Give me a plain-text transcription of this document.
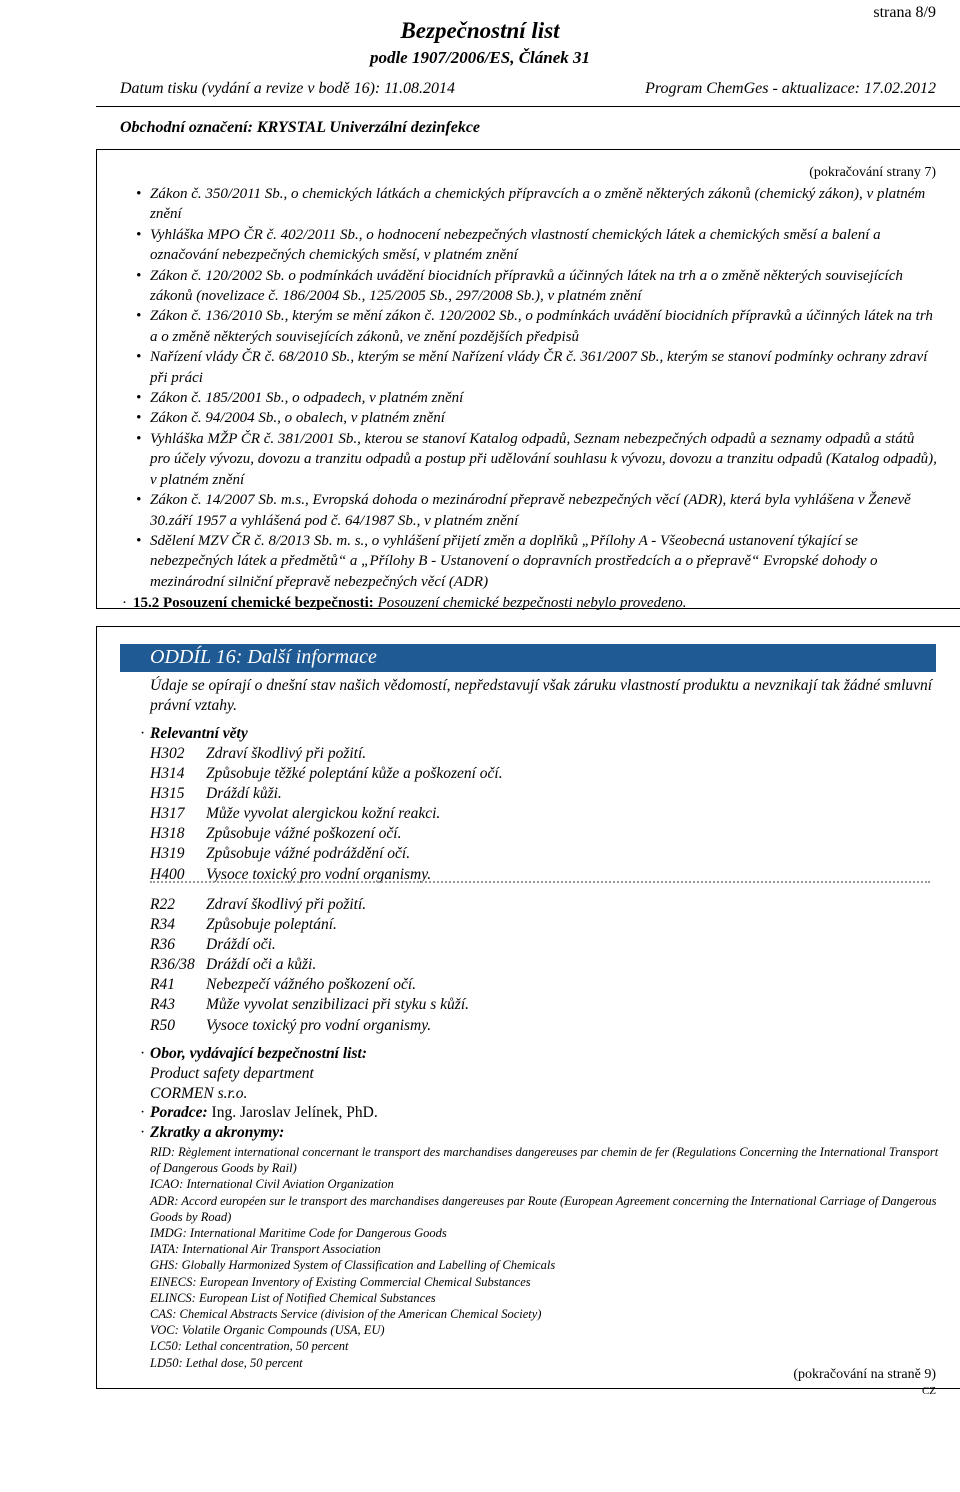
strana 8/9
Bezpečnostní list
podle 1907/2006/ES, Článek 31
Datum tisku (vydání a revize v bodě 16): 11.08.2014	Program ChemGes - aktualizace: 17.02.2012
Obchodní označení: KRYSTAL Univerzální dezinfekce
(pokračování strany 7)
• Zákon č. 350/2011 Sb., o chemických látkách a chemických přípravcích a o změně některých zákonů (chemický zákon), v platném znění
• Vyhláška MPO ČR č. 402/2011 Sb., o hodnocení nebezpečných vlastností chemických látek a chemických směsí a balení a označování nebezpečných chemických směsí, v platném znění
• Zákon č. 120/2002 Sb. o podmínkách uvádění biocidních přípravků a účinných látek na trh a o změně některých souvisejících zákonů (novelizace č. 186/2004 Sb., 125/2005 Sb., 297/2008 Sb.), v platném znění
• Zákon č. 136/2010 Sb., kterým se mění zákon č. 120/2002 Sb., o podmínkách uvádění biocidních přípravků a účinných látek na trh a o změně některých souvisejících zákonů, ve znění pozdějších předpisů
• Nařízení vlády ČR č. 68/2010 Sb., kterým se mění Nařízení vlády ČR č. 361/2007 Sb., kterým se stanoví podmínky ochrany zdraví při práci
• Zákon č. 185/2001 Sb., o odpadech, v platném znění
• Zákon č. 94/2004 Sb., o obalech, v platném znění
• Vyhláška MŽP ČR č. 381/2001 Sb., kterou se stanoví Katalog odpadů, Seznam nebezpečných odpadů a seznamy odpadů a států pro účely vývozu, dovozu a tranzitu odpadů a postup při udělování souhlasu k vývozu, dovozu a tranzitu odpadů (Katalog odpadů), v platném znění
• Zákon č. 14/2007 Sb. m.s., Evropská dohoda o mezinárodní přepravě nebezpečných věcí (ADR), která byla vyhlášena v Ženevě 30.září 1957 a vyhlášená pod č. 64/1987 Sb., v platném znění
• Sdělení MZV ČR č. 8/2013 Sb. m. s., o vyhlášení přijetí změn a doplňků „Přílohy A - Všeobecná ustanovení týkající se nebezpečných látek a předmětů“ a „Přílohy B - Ustanovení o dopravních prostředcích a o přepravě“ Evropské dohody o mezinárodní silniční přepravě nebezpečných věcí (ADR)
· 15.2 Posouzení chemické bezpečnosti: Posouzení chemické bezpečnosti nebylo provedeno.
ODDÍL 16: Další informace
Údaje se opírají o dnešní stav našich vědomostí, nepředstavují však záruku vlastností produktu a nevznikají tak žádné smluvní právní vztahy.
· Relevantní věty
H302	Zdraví škodlivý při požití.
H314	Způsobuje těžké poleptání kůže a poškození očí.
H315	Dráždí kůži.
H317	Může vyvolat alergickou kožní reakci.
H318	Způsobuje vážné poškození očí.
H319	Způsobuje vážné podráždění očí.
H400	Vysoce toxický pro vodní organismy.
R22	Zdraví škodlivý při požití.
R34	Způsobuje poleptání.
R36	Dráždí oči.
R36/38 Dráždí oči a kůži.
R41	Nebezpečí vážného poškození očí.
R43	Může vyvolat senzibilizaci při styku s kůží.
R50	Vysoce toxický pro vodní organismy.
· Obor, vydávající bezpečnostní list:
Product safety department
CORMEN s.r.o.
· Poradce: Ing. Jaroslav Jelínek, PhD.
· Zkratky a akronymy:
RID: Règlement international concernant le transport des marchandises dangereuses par chemin de fer (Regulations Concerning the International Transport of Dangerous Goods by Rail)
ICAO: International Civil Aviation Organization
ADR: Accord européen sur le transport des marchandises dangereuses par Route (European Agreement concerning the International Carriage of Dangerous Goods by Road)
IMDG: International Maritime Code for Dangerous Goods
IATA: International Air Transport Association
GHS: Globally Harmonized System of Classification and Labelling of Chemicals
EINECS: European Inventory of Existing Commercial Chemical Substances
ELINCS: European List of Notified Chemical Substances
CAS: Chemical Abstracts Service (division of the American Chemical Society)
VOC: Volatile Organic Compounds (USA, EU)
LC50: Lethal concentration, 50 percent
LD50: Lethal dose, 50 percent
(pokračování na straně 9)
CZ
